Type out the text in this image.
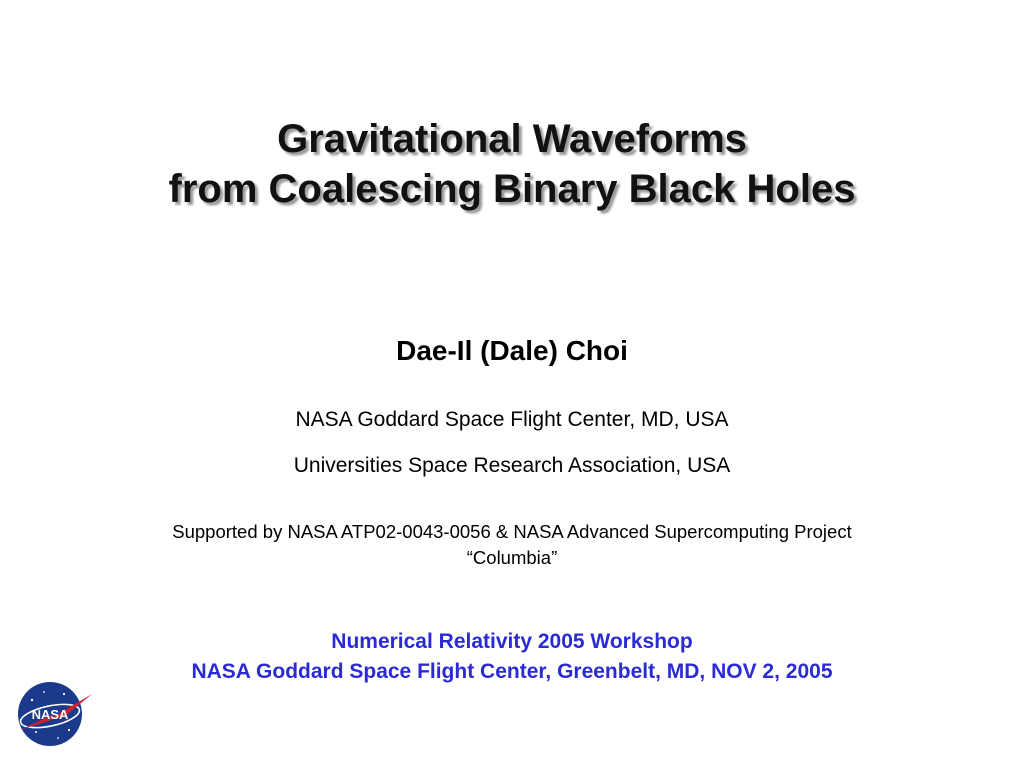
Gravitational Waveforms
from Coalescing Binary Black Holes
Dae-Il (Dale) Choi
NASA Goddard Space Flight Center, MD, USA
Universities Space Research Association, USA
Supported by NASA ATP02-0043-0056 & NASA Advanced Supercomputing Project
“Columbia”
Numerical Relativity 2005 Workshop
NASA Goddard Space Flight Center, Greenbelt, MD, NOV 2, 2005
NASA
